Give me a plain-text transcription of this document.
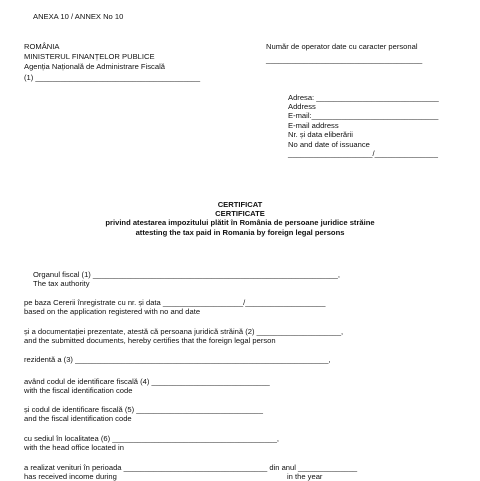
ANEXA 10 / ANNEX No 10
ROMÂNIA
MINISTERUL FINANȚELOR PUBLICE
Agenția Națională de Administrare Fiscală
(1) _______________________________________
Număr de operator date cu caracter personal
_____________________________________
Adresa: _____________________________
Address
E-mail:______________________________
E-mail address
Nr. și data eliberării
No and date of issuance
____________________/_______________
CERTIFICAT
CERTIFICATE
privind atestarea impozitului plătit în România de persoane juridice străine
attesting the tax paid in Romania by foreign legal persons
Organul fiscal (1) __________________________________________________________,
The tax authority
pe baza Cererii înregistrate cu nr. și data ___________________/___________________
based on the application registered with no and date
și a documentației prezentate, atestă că persoana juridică străină (2) ____________________,
and the submitted documents, hereby certifies that the foreign legal person
rezidentă a (3) ____________________________________________________________,
având codul de identificare fiscală (4) ____________________________
with the fiscal identification code
și codul de identificare fiscală (5) ______________________________
and the fiscal identification code
cu sediul în localitatea (6) _______________________________________,
with the head office located in
a realizat venituri în perioada __________________________________ din anul ______________
has received income during	in the year
